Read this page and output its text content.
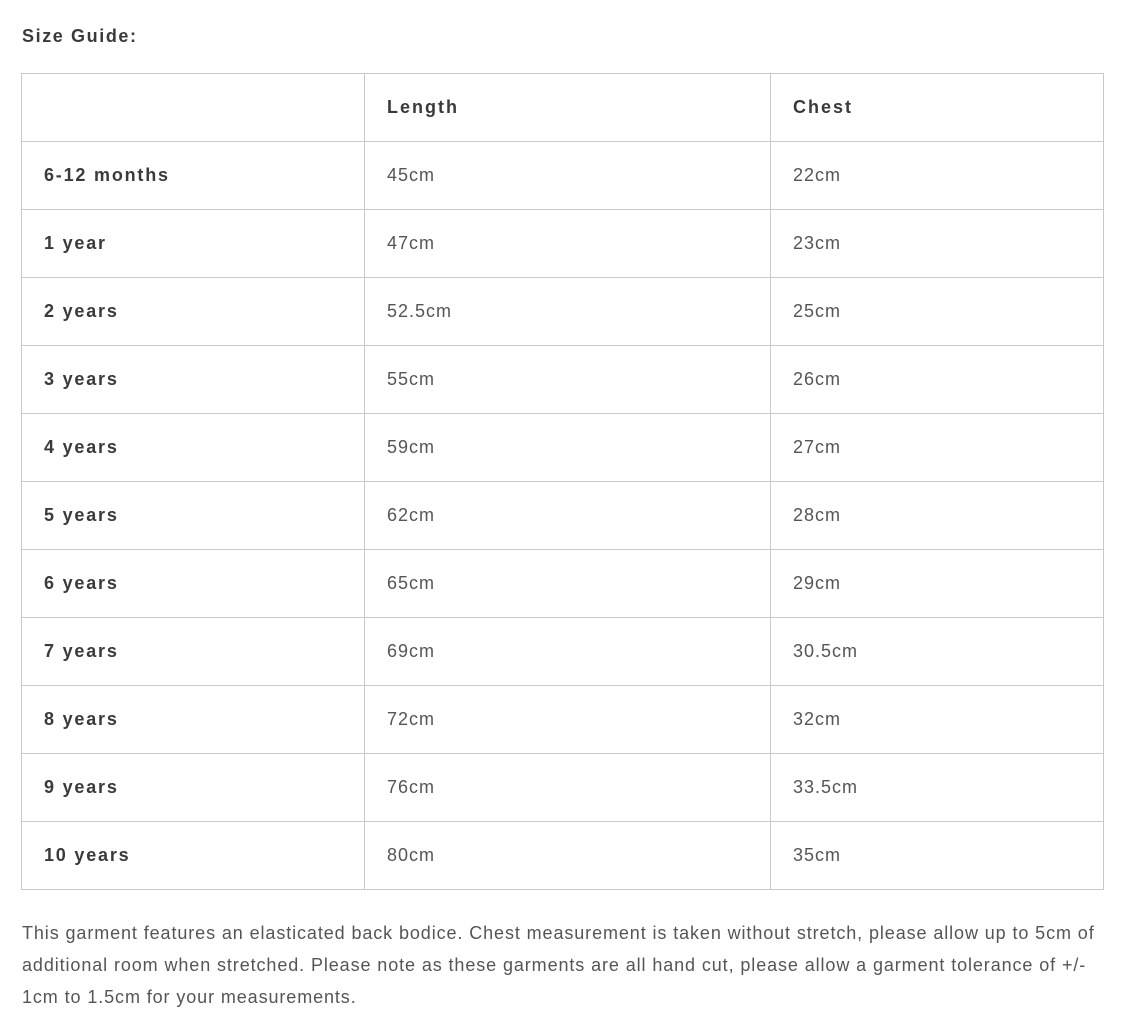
Size Guide:
	Length	Chest
6-12 months	45cm	22cm
1 year	47cm	23cm
2 years	52.5cm	25cm
3 years	55cm	26cm
4 years	59cm	27cm
5 years	62cm	28cm
6 years	65cm	29cm
7 years	69cm	30.5cm
8 years	72cm	32cm
9 years	76cm	33.5cm
10 years	80cm	35cm

This garment features an elasticated back bodice. Chest measurement is taken without stretch, please allow up to 5cm of additional room when stretched. Please note as these garments are all hand cut, please allow a garment tolerance of +/- 1cm to 1.5cm for your measurements.
